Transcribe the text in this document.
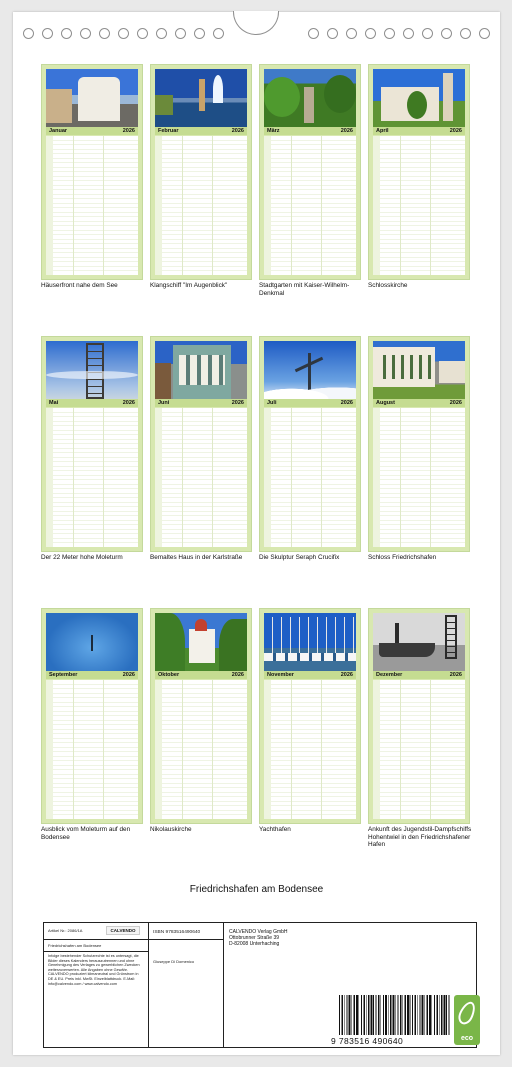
Januar	2026
Häuserfront nahe dem See
Februar	2026
Klangschiff "Im Augenblick"
März	2026
Stadtgarten mit Kaiser-Wilhelm-Denkmal
April	2026
Schlosskirche
Mai	2026
Der 22 Meter hohe Moleturm
Juni	2026
Bemaltes Haus in der Karlstraße
Juli	2026
Die Skulptur Seraph Crucifix
August	2026
Schloss Friedrichshafen
September	2026
Ausblick vom Moleturm auf den Bodensee
Oktober	2026
Nikolauskirche
November	2026
Yachthafen
Dezember	2026
Ankunft des Jugendstil-Dampfschiffs Hohentwiel in den Friedrichshafener Hafen
Friedrichshafen am Bodensee
Artikel Nr.: 2086/1A	CALVENDO
Friedrichshafen am Bodensee
Infolge bestehender Schutzrechte ist es untersagt, die Bilder dieses Kalenders herauszutrennen und ohne Genehmigung des Verlages zu gewerblichen Zwecken weiterzuverwerten. Alle Angaben ohne Gewähr. CALVENDO produziert klimaneutral und Grünstrom in DE & EU. Preis inkl. MwSt. Einzelblattdruck. E-Mail: info@calvendo.com / www.calvendo.com
ISBN 9783516490640
Giuseppe Di Domenico
CALVENDO Verlag GmbH
Ottobrunner Straße 39
D-82008 Unterhaching
9 783516 490640	eco
